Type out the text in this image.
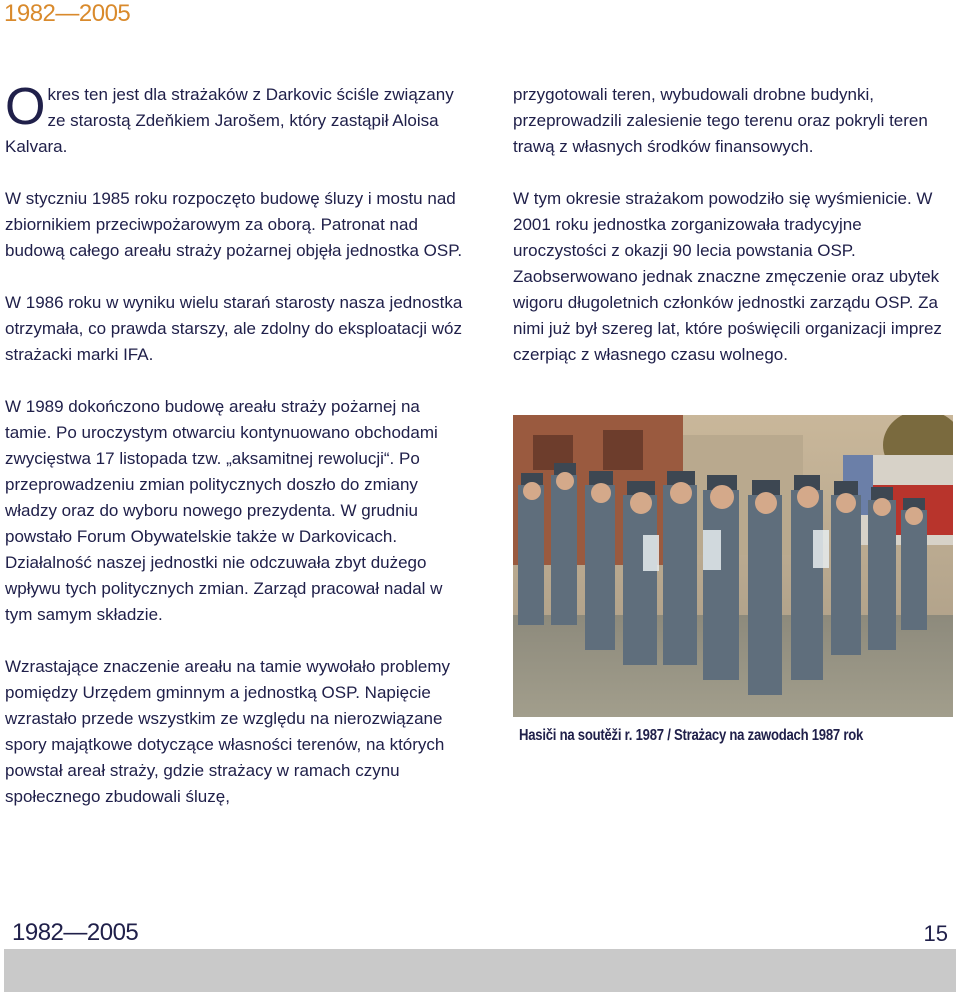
1982—2005

Okres ten jest dla strażaków z Darkovic ściśle związany ze starostą Zdeňkiem Jarošem, który zastąpił Aloisa Kalvara.

W styczniu 1985 roku rozpoczęto budowę śluzy i mostu nad zbiornikiem przeciwpożarowym za oborą. Patronat nad budową całego areału straży pożarnej objęła jednostka OSP.

W 1986 roku w wyniku wielu starań starosty nasza jednostka otrzymała, co prawda starszy, ale zdolny do eksploatacji wóz strażacki marki IFA.

W 1989 dokończono budowę areału straży pożarnej na tamie. Po uroczystym otwarciu kontynuowano obchodami zwycięstwa 17 listopada tzw. „aksamitnej rewolucji“. Po przeprowadzeniu zmian politycznych doszło do zmiany władzy oraz do wyboru nowego prezydenta. W grudniu powstało Forum Obywatelskie także w Darkovicach. Działalność naszej jednostki nie odczuwała zbyt dużego wpływu tych politycznych zmian. Zarząd pracował nadal w tym samym składzie.

Wzrastające znaczenie areału na tamie wywołało problemy pomiędzy Urzędem gminnym a jednostką OSP. Napięcie wzrastało przede wszystkim ze względu na nierozwiązane spory majątkowe dotyczące własności terenów, na których powstał areał straży, gdzie strażacy w ramach czynu społecznego zbudowali śluzę,

przygotowali teren, wybudowali drobne budynki, przeprowadzili zalesienie tego terenu oraz pokryli teren trawą z własnych środków finansowych.

W tym okresie strażakom powodziło się wyśmienicie. W 2001 roku jednostka zorganizowała tradycyjne uroczystości z okazji 90 lecia powstania OSP. Zaobserwowano jednak znaczne zmęczenie oraz ubytek wigoru długoletnich członków jednostki zarządu OSP. Za nimi już był szereg lat, które poświęcili organizacji imprez czerpiąc z własnego czasu wolnego.

Hasiči na soutěži r. 1987 / Strażacy na zawodach 1987 rok
1982—2005	15
